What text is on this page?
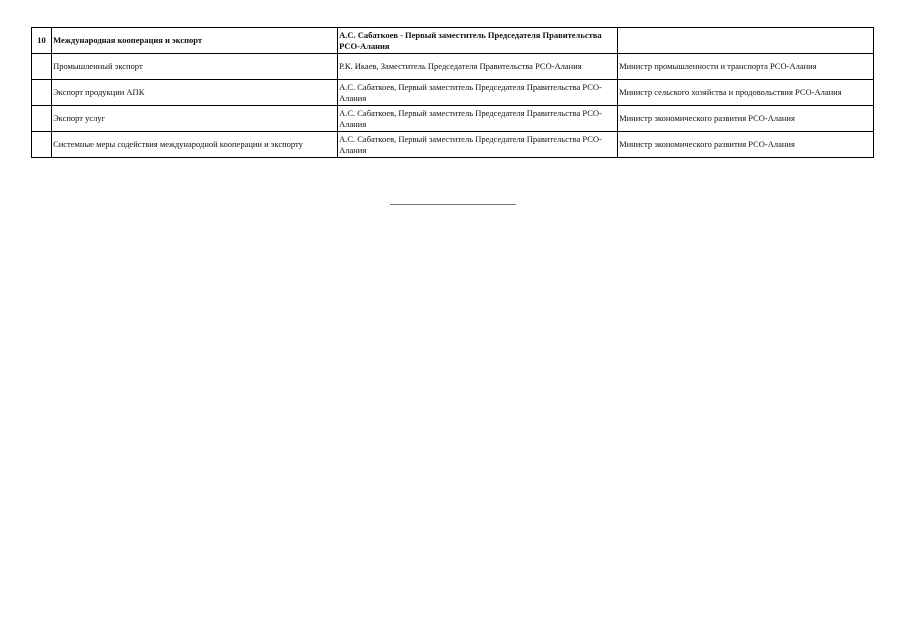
10	Международная кооперация и экспорт	А.С. Сабаткоев - Первый заместитель Председателя Правительства РСО-Алания	
	Промышленный экспорт	Р.К. Икаев, Заместитель Председателя Правительства РСО-Алания	Министр промышленности и транспорта РСО-Алания
	Экспорт продукции АПК	А.С. Сабаткоев, Первый заместитель Председателя Правительства РСО-Алания	Министр сельского хозяйства и продовольствия РСО-Алания
	Экспорт услуг	А.С. Сабаткоев, Первый заместитель Председателя Правительства РСО-Алания	Министр экономического развития РСО-Алания
	Системные меры содействия международной кооперации и экспорту	А.С. Сабаткоев, Первый заместитель Председателя Правительства РСО-Алания	Министр экономического развития РСО-Алания
